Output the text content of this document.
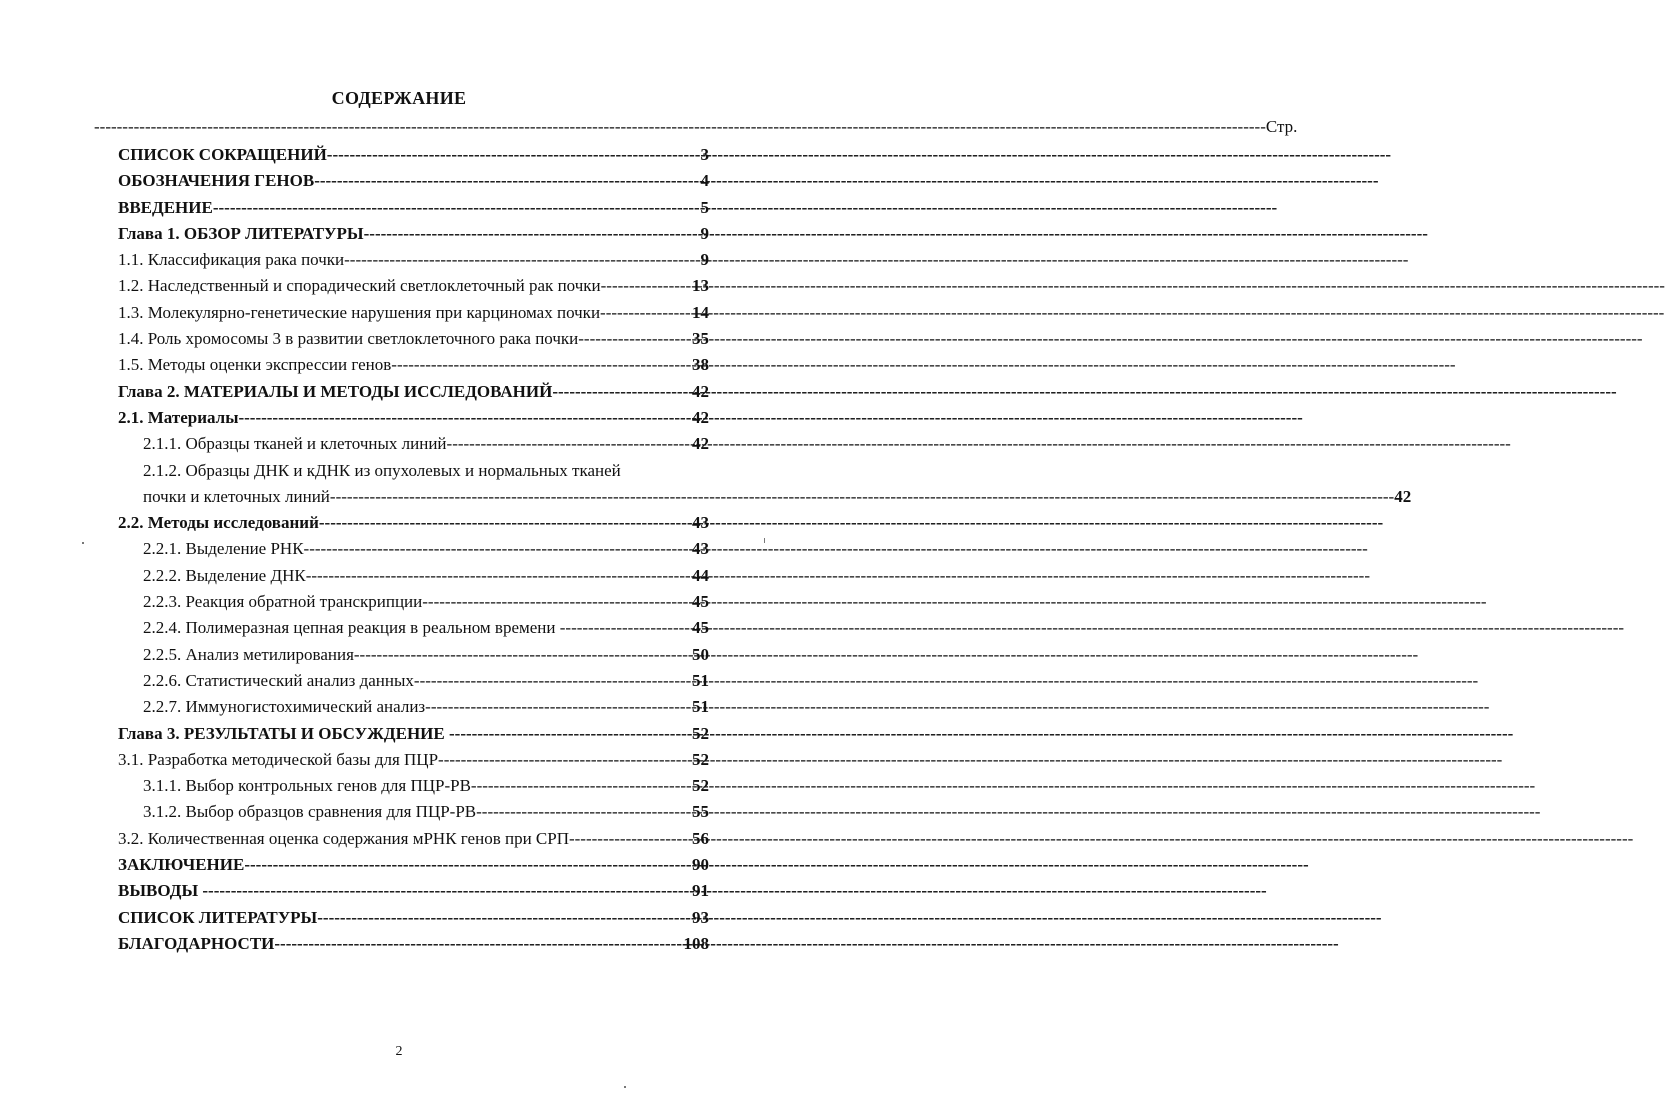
СОДЕРЖАНИЕ
--------------------------------------------------------------------------------------------------------------------------------------------------------------------------------------------------------------- Стр.
СПИСОК СОКРАЩЕНИЙ -----	3
ОБОЗНАЧЕНИЯ ГЕНОВ -----	4
ВВЕДЕНИЕ -----	5
Глава 1. ОБЗОР ЛИТЕРАТУРЫ -----	9
1.1. Классификация рака почки -----	9
1.2. Наследственный и спорадический светлоклеточный рак почки -----	13
1.3. Молекулярно-генетические нарушения при карциномах почки -----	14
1.4. Роль хромосомы 3 в развитии светлоклеточного рака почки -----	35
1.5. Методы оценки экспрессии генов -----	38
Глава 2. МАТЕРИАЛЫ И МЕТОДЫ ИССЛЕДОВАНИЙ -----	42
2.1. Материалы -----	42
2.1.1. Образцы тканей и клеточных линий -----	42
2.1.2. Образцы ДНК и кДНК из опухолевых и нормальных тканей
почки и клеточных линий -----	42
2.2. Методы исследований -----	43
2.2.1. Выделение РНК -----	43
2.2.2. Выделение ДНК -----	44
2.2.3. Реакция обратной транскрипции -----	45
2.2.4. Полимеразная цепная реакция в реальном времени -----	45
2.2.5. Анализ метилирования -----	50
2.2.6. Статистический анализ данных -----	51
2.2.7. Иммуногистохимический анализ -----	51
Глава 3. РЕЗУЛЬТАТЫ И ОБСУЖДЕНИЕ -----	52
3.1. Разработка методической базы для ПЦР -----	52
3.1.1. Выбор контрольных генов для ПЦР-РВ -----	52
3.1.2. Выбор образцов сравнения для ПЦР-РВ -----	55
3.2. Количественная оценка содержания мРНК генов при СРП -----	56
ЗАКЛЮЧЕНИЕ -----	90
ВЫВОДЫ -----	91
СПИСОК ЛИТЕРАТУРЫ -----	93
БЛАГОДАРНОСТИ -----	108
2
